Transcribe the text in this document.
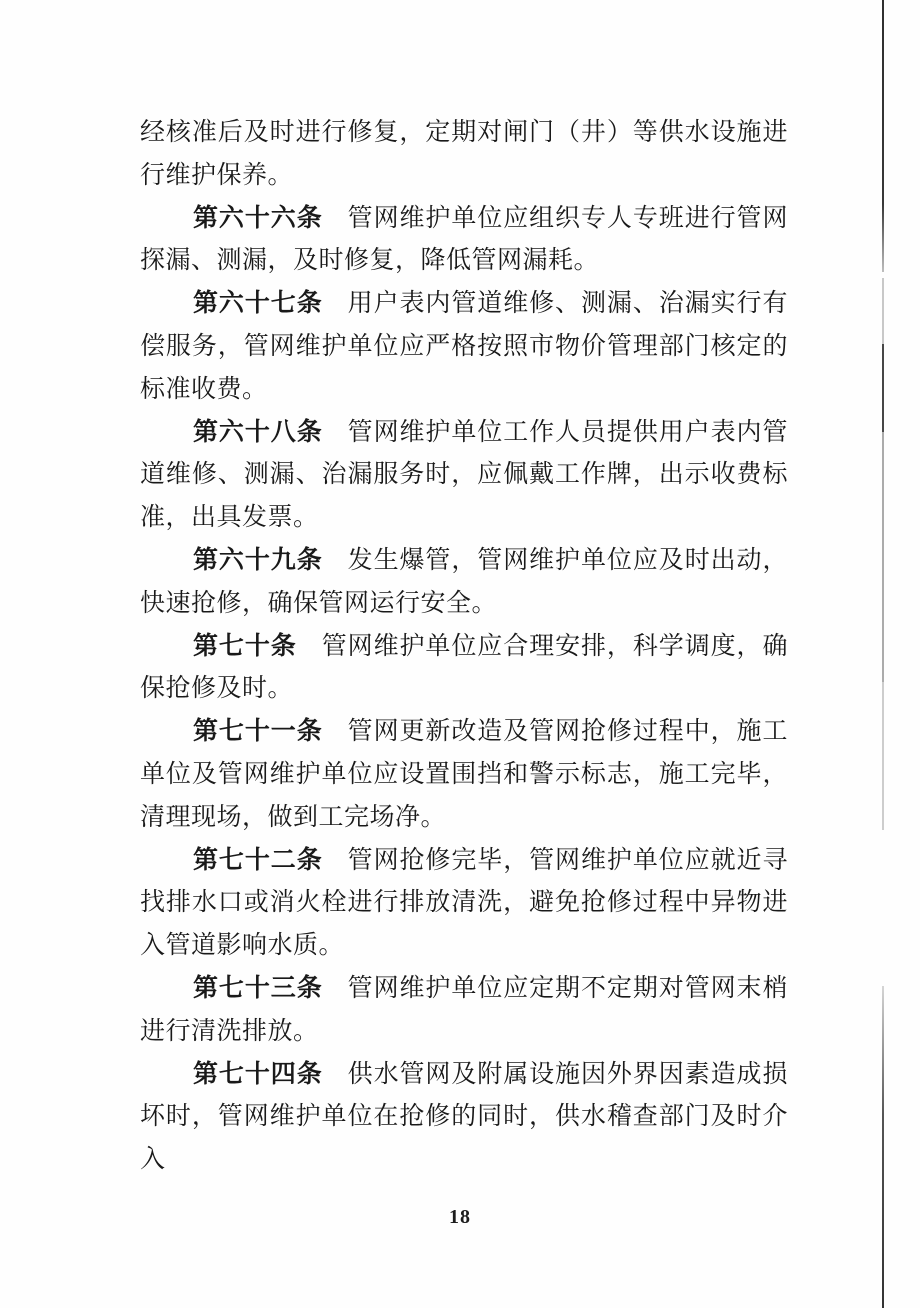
经核准后及时进行修复，定期对闸门（井）等供水设施进行维护保养。

第六十六条 管网维护单位应组织专人专班进行管网探漏、测漏，及时修复，降低管网漏耗。

第六十七条 用户表内管道维修、测漏、治漏实行有偿服务，管网维护单位应严格按照市物价管理部门核定的标准收费。

第六十八条 管网维护单位工作人员提供用户表内管道维修、测漏、治漏服务时，应佩戴工作牌，出示收费标准，出具发票。

第六十九条 发生爆管，管网维护单位应及时出动，快速抢修，确保管网运行安全。

第七十条 管网维护单位应合理安排，科学调度，确保抢修及时。

第七十一条 管网更新改造及管网抢修过程中，施工单位及管网维护单位应设置围挡和警示标志，施工完毕，清理现场，做到工完场净。

第七十二条 管网抢修完毕，管网维护单位应就近寻找排水口或消火栓进行排放清洗，避免抢修过程中异物进入管道影响水质。

第七十三条 管网维护单位应定期不定期对管网末梢进行清洗排放。

第七十四条 供水管网及附属设施因外界因素造成损坏时，管网维护单位在抢修的同时，供水稽查部门及时介入

18
